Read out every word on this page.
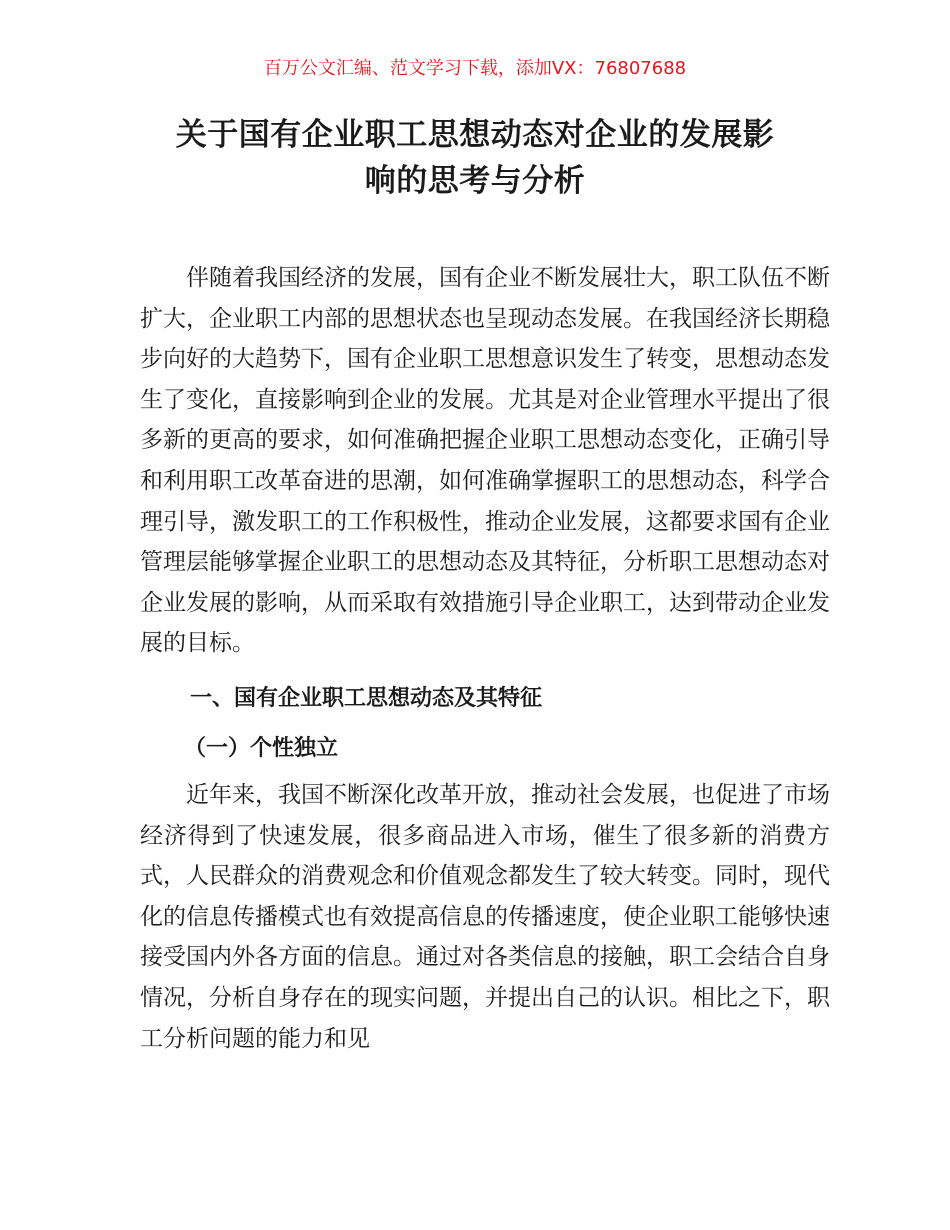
百万公文汇编、范文学习下载，添加VX：76807688
关于国有企业职工思想动态对企业的发展影
响的思考与分析

伴随着我国经济的发展，国有企业不断发展壮大，职工队伍不断扩大，企业职工内部的思想状态也呈现动态发展。在我国经济长期稳步向好的大趋势下，国有企业职工思想意识发生了转变，思想动态发生了变化，直接影响到企业的发展。尤其是对企业管理水平提出了很多新的更高的要求，如何准确把握企业职工思想动态变化，正确引导和利用职工改革奋进的思潮，如何准确掌握职工的思想动态，科学合理引导，激发职工的工作积极性，推动企业发展，这都要求国有企业管理层能够掌握企业职工的思想动态及其特征，分析职工思想动态对企业发展的影响，从而采取有效措施引导企业职工，达到带动企业发展的目标。

一、国有企业职工思想动态及其特征
（一）个性独立

近年来，我国不断深化改革开放，推动社会发展，也促进了市场经济得到了快速发展，很多商品进入市场，催生了很多新的消费方式，人民群众的消费观念和价值观念都发生了较大转变。同时，现代化的信息传播模式也有效提高信息的传播速度，使企业职工能够快速接受国内外各方面的信息。通过对各类信息的接触，职工会结合自身情况，分析自身存在的现实问题，并提出自己的认识。相比之下，职工分析问题的能力和见
